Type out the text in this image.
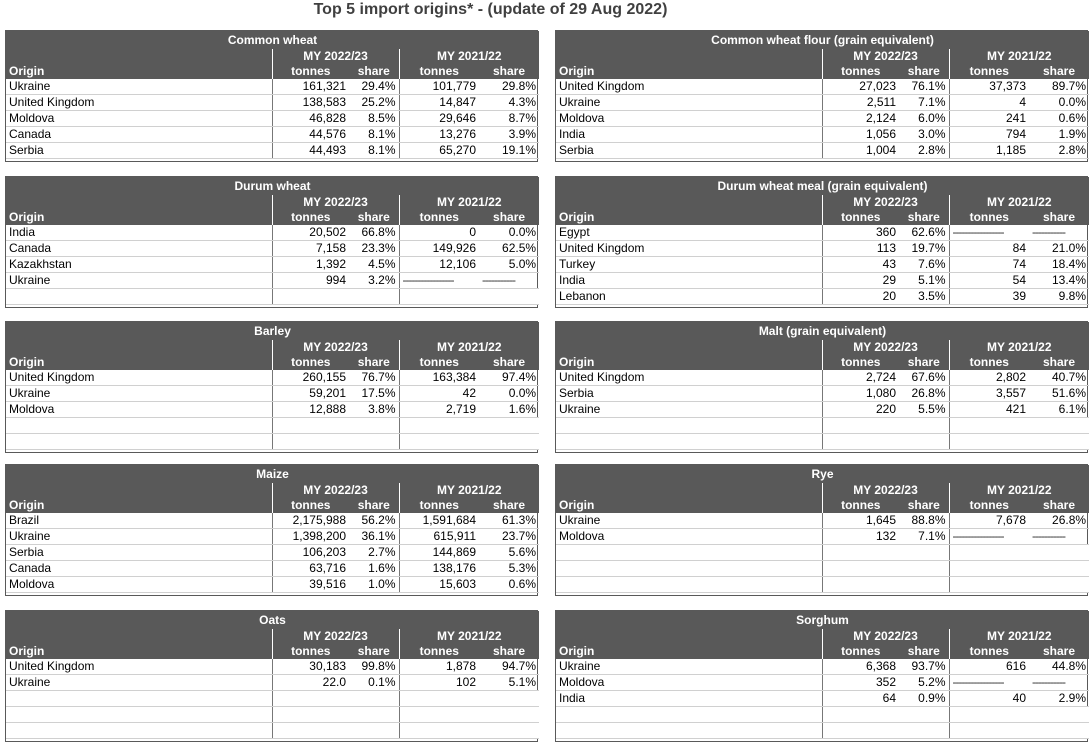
Top 5 import origins* - (update of 29 Aug 2022)
Common wheat				
	MY 2022/23		MY 2021/22	
Origin	tonnes	share	tonnes	share
Ukraine	161,321	29.4%	101,779	29.8%
United Kingdom	138,583	25.2%	14,847	4.3%
Moldova	46,828	8.5%	29,646	8.7%
Canada	44,576	8.1%	13,276	3.9%
Serbia	44,493	8.1%	65,270	19.1%
Common wheat flour (grain equivalent)				
	MY 2022/23		MY 2021/22	
Origin	tonnes	share	tonnes	share
United Kingdom	27,023	76.1%	37,373	89.7%
Ukraine	2,511	7.1%	4	0.0%
Moldova	2,124	6.0%	241	0.6%
India	1,056	3.0%	794	1.9%
Serbia	1,004	2.8%	1,185	2.8%
Durum wheat				
	MY 2022/23		MY 2021/22	
Origin	tonnes	share	tonnes	share
India	20,502	66.8%	0	0.0%
Canada	7,158	23.3%	149,926	62.5%
Kazakhstan	1,392	4.5%	12,106	5.0%
Ukraine	994	3.2%	-----------------	-----------

Durum wheat meal (grain equivalent)				
	MY 2022/23		MY 2021/22	
Origin	tonnes	share	tonnes	share
Egypt	360	62.6%	-----------------	-----------
United Kingdom	113	19.7%	84	21.0%
Turkey	43	7.6%	74	18.4%
India	29	5.1%	54	13.4%
Lebanon	20	3.5%	39	9.8%
Barley				
	MY 2022/23		MY 2021/22	
Origin	tonnes	share	tonnes	share
United Kingdom	260,155	76.7%	163,384	97.4%
Ukraine	59,201	17.5%	42	0.0%
Moldova	12,888	3.8%	2,719	1.6%

Malt (grain equivalent)				
	MY 2022/23		MY 2021/22	
Origin	tonnes	share	tonnes	share
United Kingdom	2,724	67.6%	2,802	40.7%
Serbia	1,080	26.8%	3,557	51.6%
Ukraine	220	5.5%	421	6.1%

Maize				
	MY 2022/23		MY 2021/22	
Origin	tonnes	share	tonnes	share
Brazil	2,175,988	56.2%	1,591,684	61.3%
Ukraine	1,398,200	36.1%	615,911	23.7%
Serbia	106,203	2.7%	144,869	5.6%
Canada	63,716	1.6%	138,176	5.3%
Moldova	39,516	1.0%	15,603	0.6%
Rye				
	MY 2022/23		MY 2021/22	
Origin	tonnes	share	tonnes	share
Ukraine	1,645	88.8%	7,678	26.8%
Moldova	132	7.1%	-----------------	-----------

Oats				
	MY 2022/23		MY 2021/22	
Origin	tonnes	share	tonnes	share
United Kingdom	30,183	99.8%	1,878	94.7%
Ukraine	22.0	0.1%	102	5.1%

Sorghum				
	MY 2022/23		MY 2021/22	
Origin	tonnes	share	tonnes	share
Ukraine	6,368	93.7%	616	44.8%
Moldova	352	5.2%	-----------------	-----------
India	64	0.9%	40	2.9%
